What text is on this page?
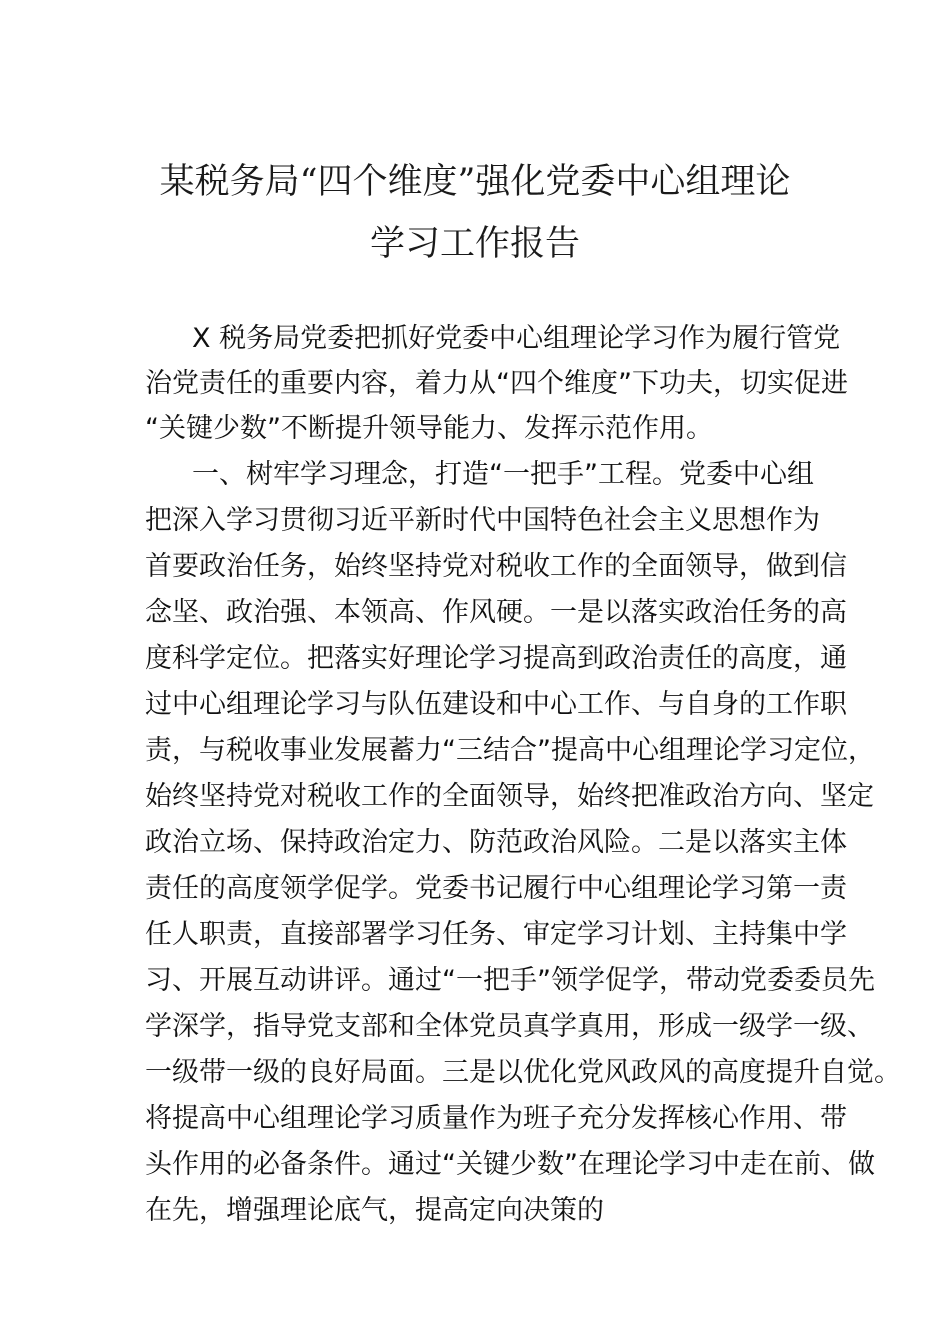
某税务局“四个维度”强化党委中心组理论
学习工作报告

X 税务局党委把抓好党委中心组理论学习作为履行管党

治党责任的重要内容，着力从“四个维度”下功夫，切实促进

“关键少数”不断提升领导能力、发挥示范作用。

一、树牢学习理念，打造“一把手”工程。党委中心组

把深入学习贯彻习近平新时代中国特色社会主义思想作为

首要政治任务，始终坚持党对税收工作的全面领导，做到信

念坚、政治强、本领高、作风硬。一是以落实政治任务的高

度科学定位。把落实好理论学习提高到政治责任的高度，通

过中心组理论学习与队伍建设和中心工作、与自身的工作职

责，与税收事业发展蓄力“三结合”提高中心组理论学习定位，

始终坚持党对税收工作的全面领导，始终把准政治方向、坚定

政治立场、保持政治定力、防范政治风险。二是以落实主体

责任的高度领学促学。党委书记履行中心组理论学习第一责

任人职责，直接部署学习任务、审定学习计划、主持集中学

习、开展互动讲评。通过“一把手”领学促学，带动党委委员先

学深学，指导党支部和全体党员真学真用，形成一级学一级、

一级带一级的良好局面。三是以优化党风政风的高度提升自觉。

将提高中心组理论学习质量作为班子充分发挥核心作用、带

头作用的必备条件。通过“关键少数”在理论学习中走在前、做

在先，增强理论底气，提高定向决策的
